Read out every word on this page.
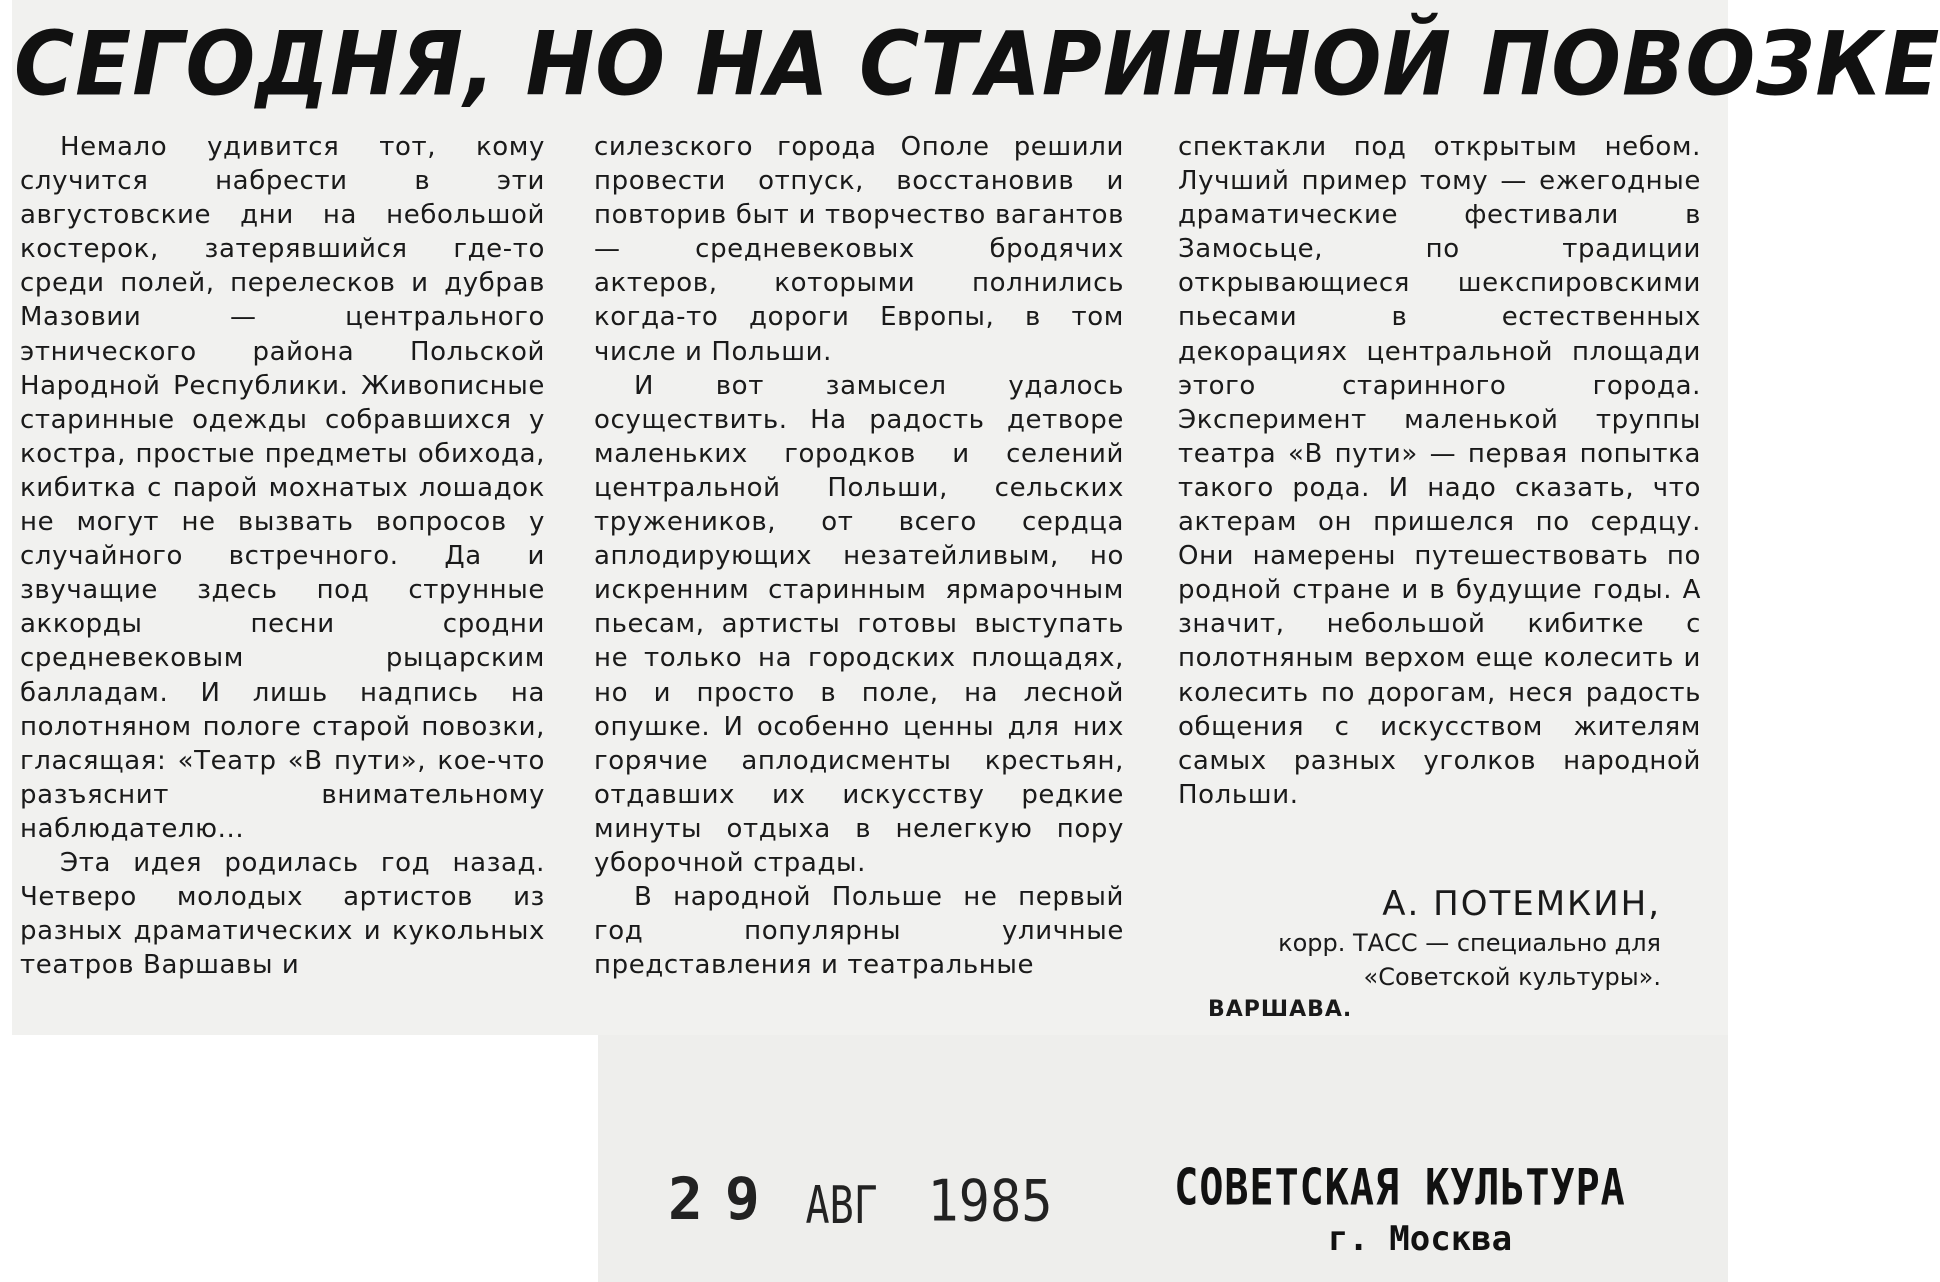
СЕГОДНЯ, НО НА СТАРИННОЙ ПОВОЗКЕ

Немало удивится тот, кому случится набрести в эти августовские дни на небольшой костерок, затерявшийся где-то среди полей, перелесков и дубрав Мазовии — центрального этнического района Польской Народной Республики. Живописные старинные одежды собравшихся у костра, простые предметы обихода, кибитка с парой мохнатых лошадок не могут не вызвать вопросов у случайного встречного. Да и звучащие здесь под струнные аккорды песни сродни средневековым рыцарским балладам. И лишь надпись на полотняном пологе старой повозки, гласящая: «Театр «В пути», кое-что разъяснит внимательному наблюдателю...

Эта идея родилась год назад. Четверо молодых артистов из разных драматических и кукольных театров Варшавы и

силезского города Ополе решили провести отпуск, восстановив и повторив быт и творчество вагантов — средневековых бродячих актеров, которыми полнились когда-то дороги Европы, в том числе и Польши.

И вот замысел удалось осуществить. На радость детворе маленьких городков и селений центральной Польши, сельских тружеников, от всего сердца аплодирующих незатейливым, но искренним старинным ярмарочным пьесам, артисты готовы выступать не только на городских площадях, но и просто в поле, на лесной опушке. И особенно ценны для них горячие аплодисменты крестьян, отдавших их искусству редкие минуты отдыха в нелегкую пору уборочной страды.

В народной Польше не первый год популярны уличные представления и театральные

спектакли под открытым небом. Лучший пример тому — ежегодные драматические фестивали в Замосьце, по традиции открывающиеся шекспировскими пьесами в естественных декорациях центральной площади этого старинного города. Эксперимент маленькой труппы театра «В пути» — первая попытка такого рода. И надо сказать, что актерам он пришелся по сердцу. Они намерены путешествовать по родной стране и в будущие годы. А значит, небольшой кибитке с полотняным верхом еще колесить и колесить по дорогам, неся радость общения с искусством жителям самых разных уголков народной Польши.

А. ПОТЕМКИН,
корр. ТАСС — специально для «Советской культуры».
ВАРШАВА.
29 АВГ 1985	СОВЕТСКАЯ КУЛЬТУРА
г. Москва
